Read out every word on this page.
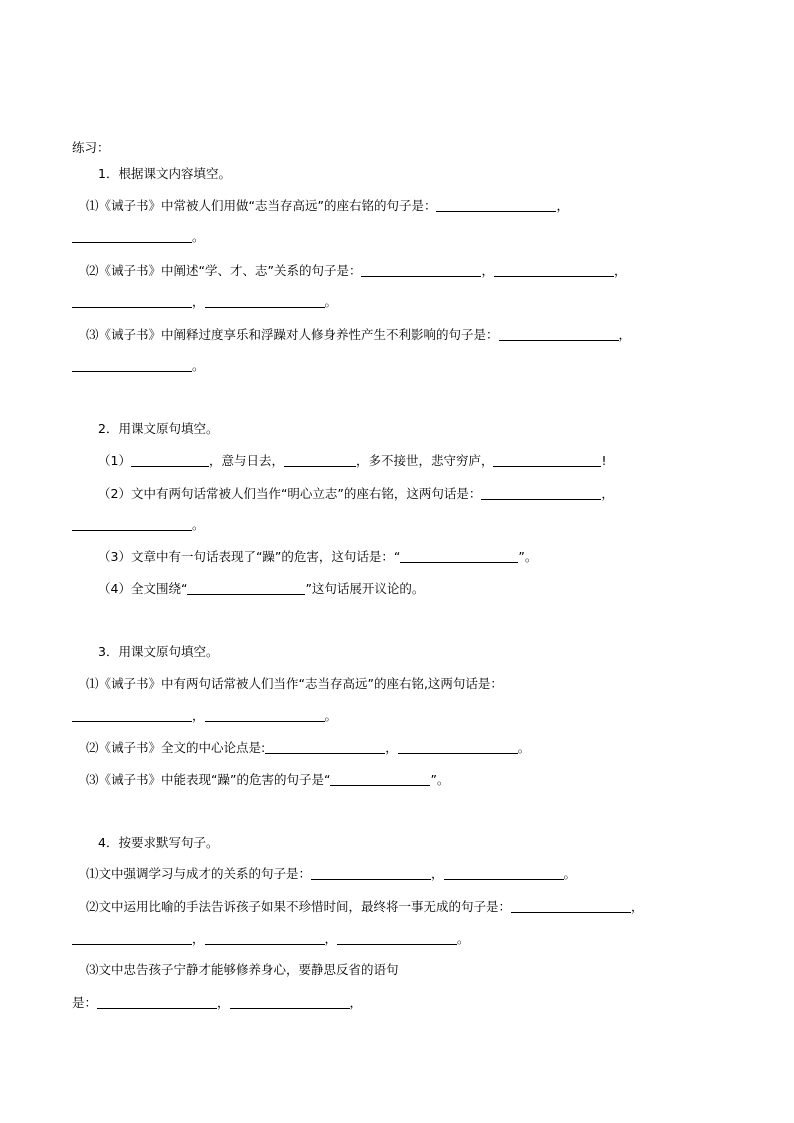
练习：
1．根据课文内容填空。
⑴《诫子书》中常被人们用做“志当存高远”的座右铭的句子是：	，
。
⑵《诫子书》中阐述“学、才、志”关系的句子是：	，	，
，	。
⑶《诫子书》中阐释过度享乐和浮躁对人修身养性产生不利影响的句子是：	，
。
2．用课文原句填空。
（1）	，意与日去，	，多不接世，悲守穷庐，	!
（2）文中有两句话常被人们当作“明心立志”的座右铭，这两句话是：	，
。
（3）文章中有一句话表现了“躁”的危害，这句话是：“	”。
（4）全文围绕“	”这句话展开议论的。
3．用课文原句填空。
⑴《诫子书》中有两句话常被人们当作“志当存高远”的座右铭,这两句话是：
，	。
⑵《诫子书》全文的中心论点是:	，	。
⑶《诫子书》中能表现“躁”的危害的句子是“	”。
4．按要求默写句子。
⑴文中强调学习与成才的关系的句子是：	，	。
⑵文中运用比喻的手法告诉孩子如果不珍惜时间，最终将一事无成的句子是：	，
，	，	。
⑶文中忠告孩子宁静才能够修养身心，要静思反省的语句
是：	，	，
